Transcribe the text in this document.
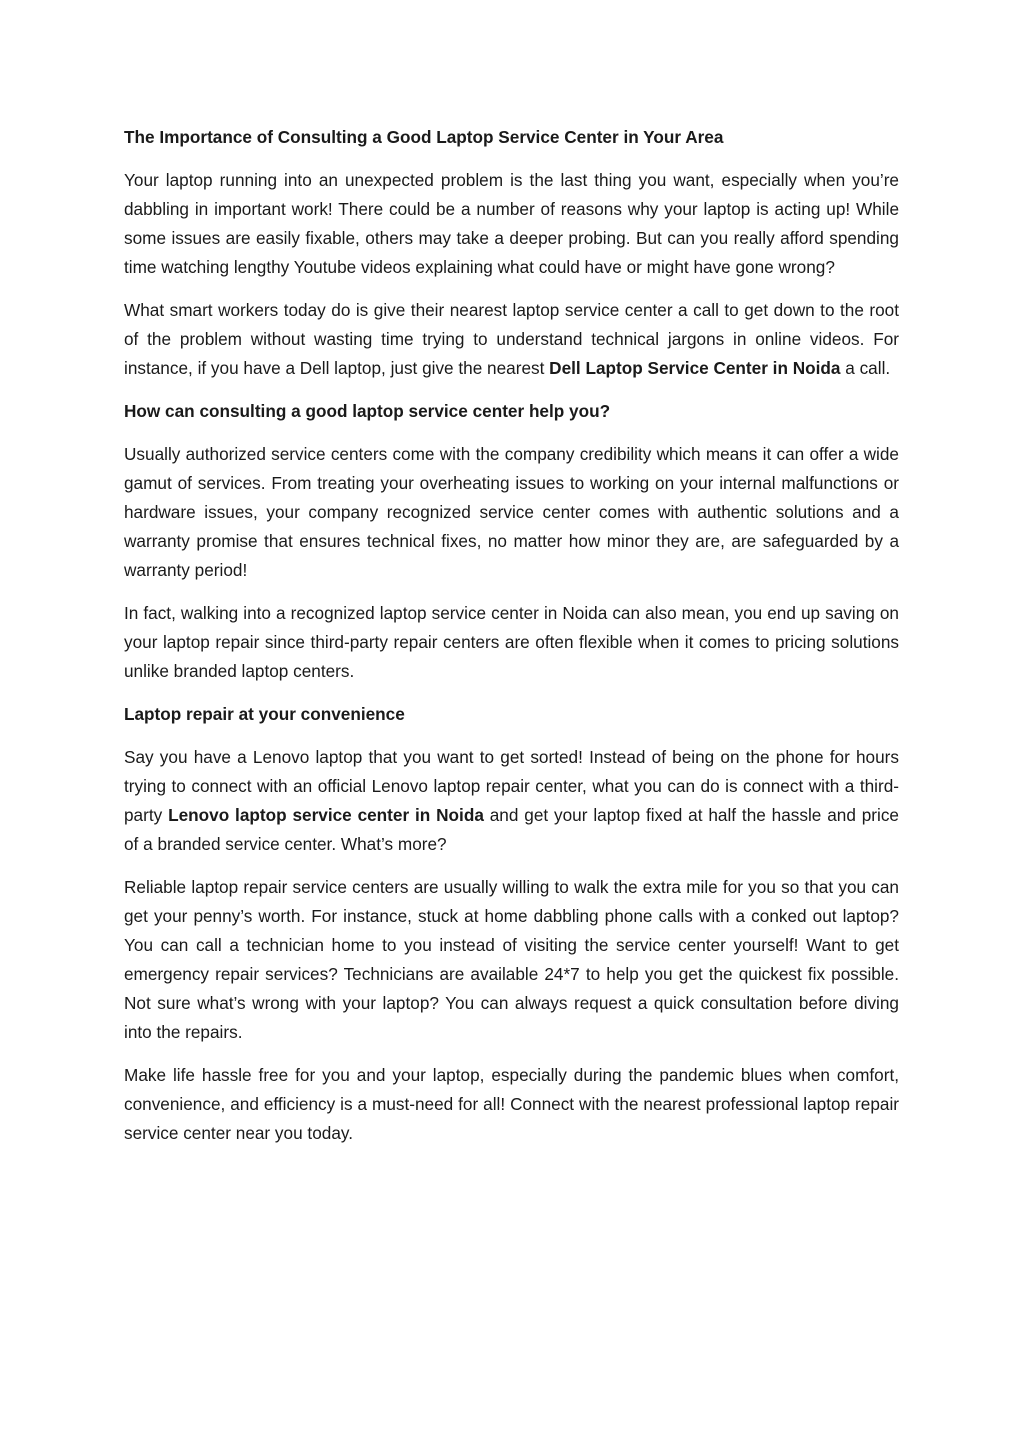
The Importance of Consulting a Good Laptop Service Center in Your Area

Your laptop running into an unexpected problem is the last thing you want, especially when you’re dabbling in important work! There could be a number of reasons why your laptop is acting up! While some issues are easily fixable, others may take a deeper probing. But can you really afford spending time watching lengthy Youtube videos explaining what could have or might have gone wrong?

What smart workers today do is give their nearest laptop service center a call to get down to the root of the problem without wasting time trying to understand technical jargons in online videos. For instance, if you have a Dell laptop, just give the nearest Dell Laptop Service Center in Noida a call.

How can consulting a good laptop service center help you?

Usually authorized service centers come with the company credibility which means it can offer a wide gamut of services. From treating your overheating issues to working on your internal malfunctions or hardware issues, your company recognized service center comes with authentic solutions and a warranty promise that ensures technical fixes, no matter how minor they are, are safeguarded by a warranty period!

In fact, walking into a recognized laptop service center in Noida can also mean, you end up saving on your laptop repair since third-party repair centers are often flexible when it comes to pricing solutions unlike branded laptop centers.

Laptop repair at your convenience

Say you have a Lenovo laptop that you want to get sorted! Instead of being on the phone for hours trying to connect with an official Lenovo laptop repair center, what you can do is connect with a third-party Lenovo laptop service center in Noida and get your laptop fixed at half the hassle and price of a branded service center. What’s more?

Reliable laptop repair service centers are usually willing to walk the extra mile for you so that you can get your penny’s worth. For instance, stuck at home dabbling phone calls with a conked out laptop? You can call a technician home to you instead of visiting the service center yourself! Want to get emergency repair services? Technicians are available 24*7 to help you get the quickest fix possible. Not sure what’s wrong with your laptop? You can always request a quick consultation before diving into the repairs.

Make life hassle free for you and your laptop, especially during the pandemic blues when comfort, convenience, and efficiency is a must-need for all! Connect with the nearest professional laptop repair service center near you today.
